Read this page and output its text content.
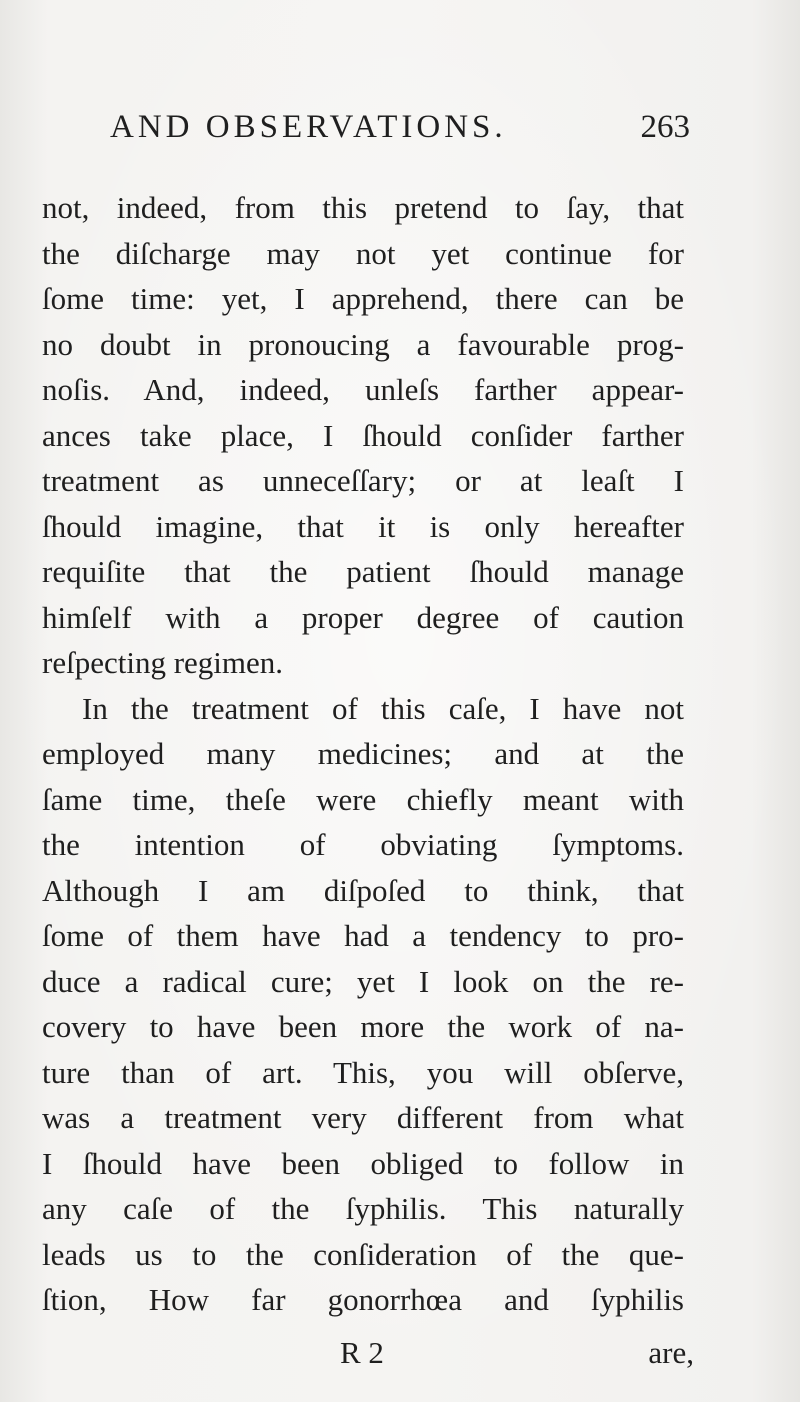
AND OBSERVATIONS.	263
not, indeed, from this pretend to ſay, that
the diſcharge may not yet continue for
ſome time: yet, I apprehend, there can be
no doubt in pronoucing a favourable prog-
noſis. And, indeed, unleſs farther appear-
ances take place, I ſhould conſider farther
treatment as unneceſſary; or at leaſt I
ſhould imagine, that it is only hereafter
requiſite that the patient ſhould manage
himſelf with a proper degree of caution
reſpecting regimen.
In the treatment of this caſe, I have not
employed many medicines; and at the
ſame time, theſe were chiefly meant with
the intention of obviating ſymptoms.
Although I am diſpoſed to think, that
ſome of them have had a tendency to pro-
duce a radical cure; yet I look on the re-
covery to have been more the work of na-
ture than of art. This, you will obſerve,
was a treatment very different from what
I ſhould have been obliged to follow in
any caſe of the ſyphilis. This naturally
leads us to the conſideration of the que-
ſtion, How far gonorrhœa and ſyphilis
R 2	are,
